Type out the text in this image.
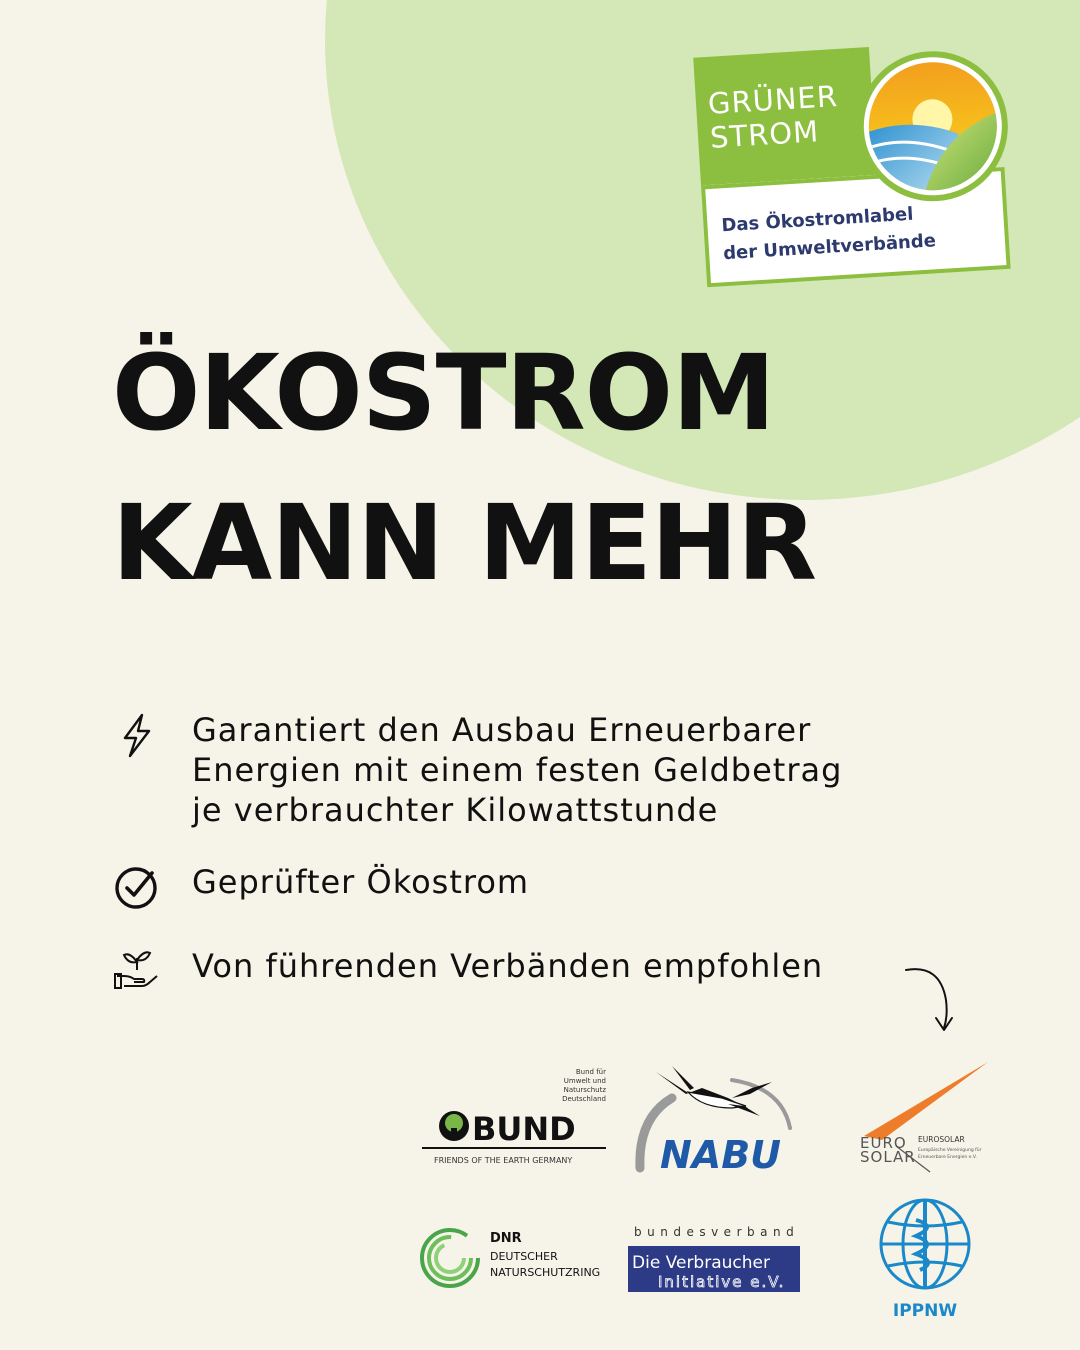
GRÜNER
STROM
Das Ökostromlabel
der Umweltverbände
ÖKOSTROM
KANN MEHR
Garantiert den Ausbau Erneuerbarer
Energien mit einem festen Geldbetrag
je verbrauchter Kilowattstunde
Geprüfter Ökostrom
Von führenden Verbänden empfohlen
Bund für
Umwelt und
Naturschutz
Deutschland
BUND
FRIENDS OF THE EARTH GERMANY NABU	EURO
SOLAR
EUROSOLAR
Europäische Vereinigung für
Erneuerbare Energien e.V.
DNR
DEUTSCHER
NATURSCHUTZRING
bundesverband
Die Verbraucher
Initiative e.V.
IPPNW
